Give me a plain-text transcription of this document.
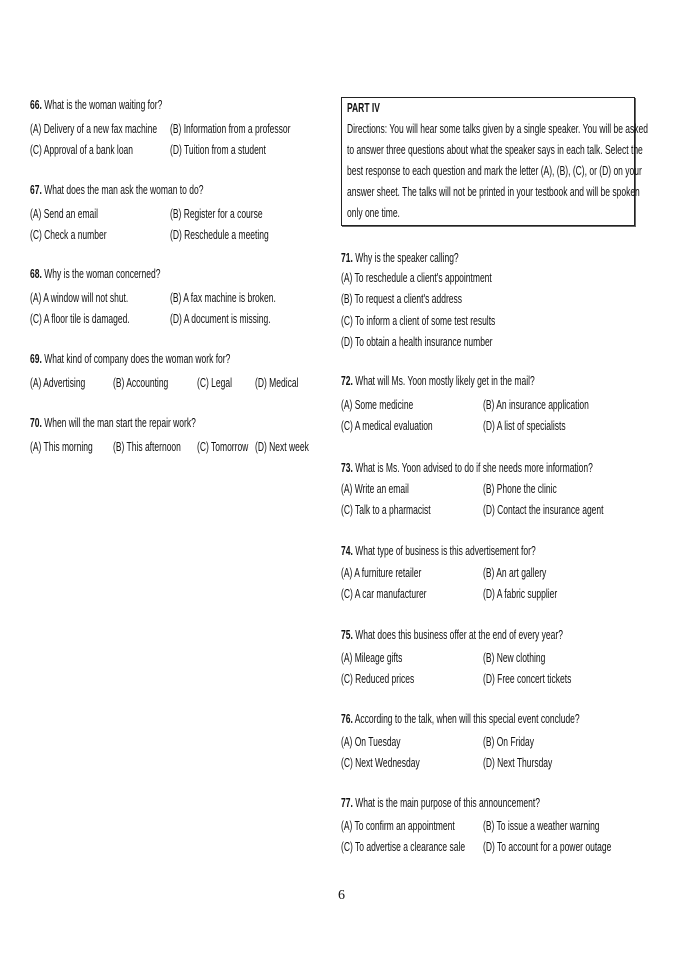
66. What is the woman waiting for?
(A) Delivery of a new fax machine (B) Information from a professor
(C) Approval of a bank loan	(D) Tuition from a student
67. What does the man ask the woman to do?
(A) Send an email	(B) Register for a course
(C) Check a number	(D) Reschedule a meeting
68. Why is the woman concerned?
(A) A window will not shut.	(B) A fax machine is broken.
(C) A floor tile is damaged.	(D) A document is missing.
69. What kind of company does the woman work for?
(A) Advertising (B) Accounting (C) Legal (D) Medical
70. When will the man start the repair work?
(A) This morning (B) This afternoon (C) Tomorrow (D) Next week
71. Why is the speaker calling?
(A) To reschedule a client's appointment
(B) To request a client's address
(C) To inform a client of some test results
(D) To obtain a health insurance number
72. What will Ms. Yoon mostly likely get in the mail?
(A) Some medicine	(B) An insurance application
(C) A medical evaluation	(D) A list of specialists
73. What is Ms. Yoon advised to do if she needs more information?
(A) Write an email	(B) Phone the clinic
(C) Talk to a pharmacist	(D) Contact the insurance agent
74. What type of business is this advertisement for?
(A) A furniture retailer	(B) An art gallery
(C) A car manufacturer	(D) A fabric supplier
75. What does this business offer at the end of every year?
(A) Mileage gifts	(B) New clothing
(C) Reduced prices	(D) Free concert tickets
76. According to the talk, when will this special event conclude?
(A) On Tuesday	(B) On Friday
(C) Next Wednesday	(D) Next Thursday
77. What is the main purpose of this announcement?
(A) To confirm an appointment (B) To issue a weather warning
(C) To advertise a clearance sale (D) To account for a power outage
PART IV
Directions: You will hear some talks given by a single speaker. You will be asked
to answer three questions about what the speaker says in each talk. Select the
best response to each question and mark the letter (A), (B), (C), or (D) on your
answer sheet. The talks will not be printed in your testbook and will be spoken
only one time.
6
